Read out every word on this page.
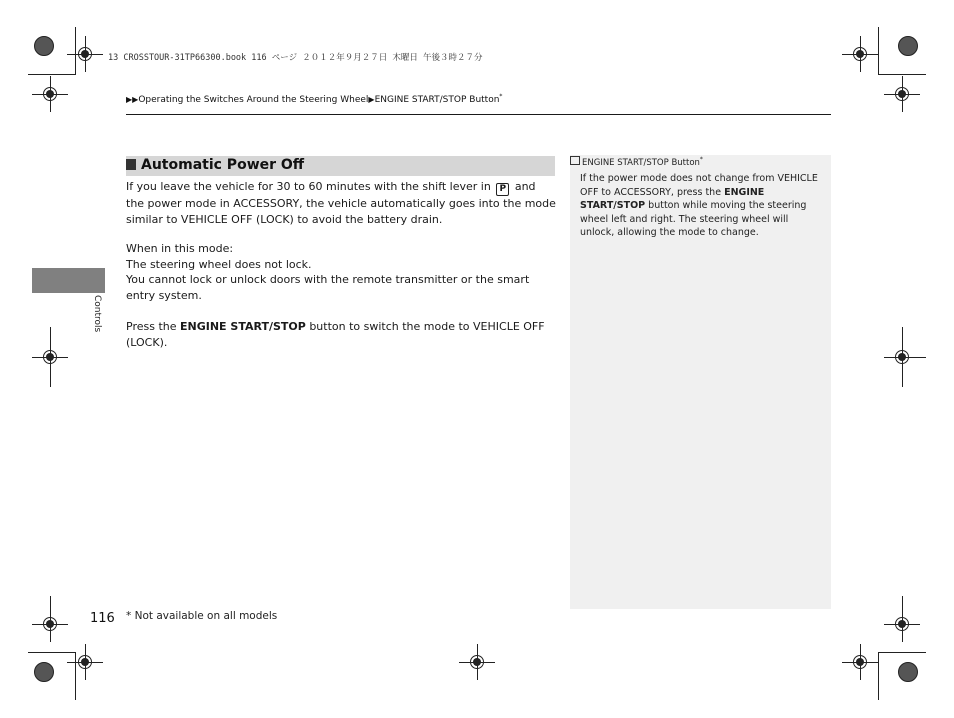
13 CROSSTOUR-31TP66300.book 116 ページ ２０１２年９月２７日 木曜日 午後３時２７分
▶▶Operating the Switches Around the Steering Wheel▶ENGINE START/STOP Button*
Controls
Automatic Power Off

If you leave the vehicle for 30 to 60 minutes with the shift lever in P and the power mode in ACCESSORY, the vehicle automatically goes into the mode similar to VEHICLE OFF (LOCK) to avoid the battery drain.

When in this mode:

The steering wheel does not lock.

You cannot lock or unlock doors with the remote transmitter or the smart entry system.

Press the ENGINE START/STOP button to switch the mode to VEHICLE OFF (LOCK).

ENGINE START/STOP Button*
If the power mode does not change from VEHICLE OFF to ACCESSORY, press the ENGINE START/STOP button while moving the steering wheel left and right. The steering wheel will unlock, allowing the mode to change.
116 * Not available on all models
